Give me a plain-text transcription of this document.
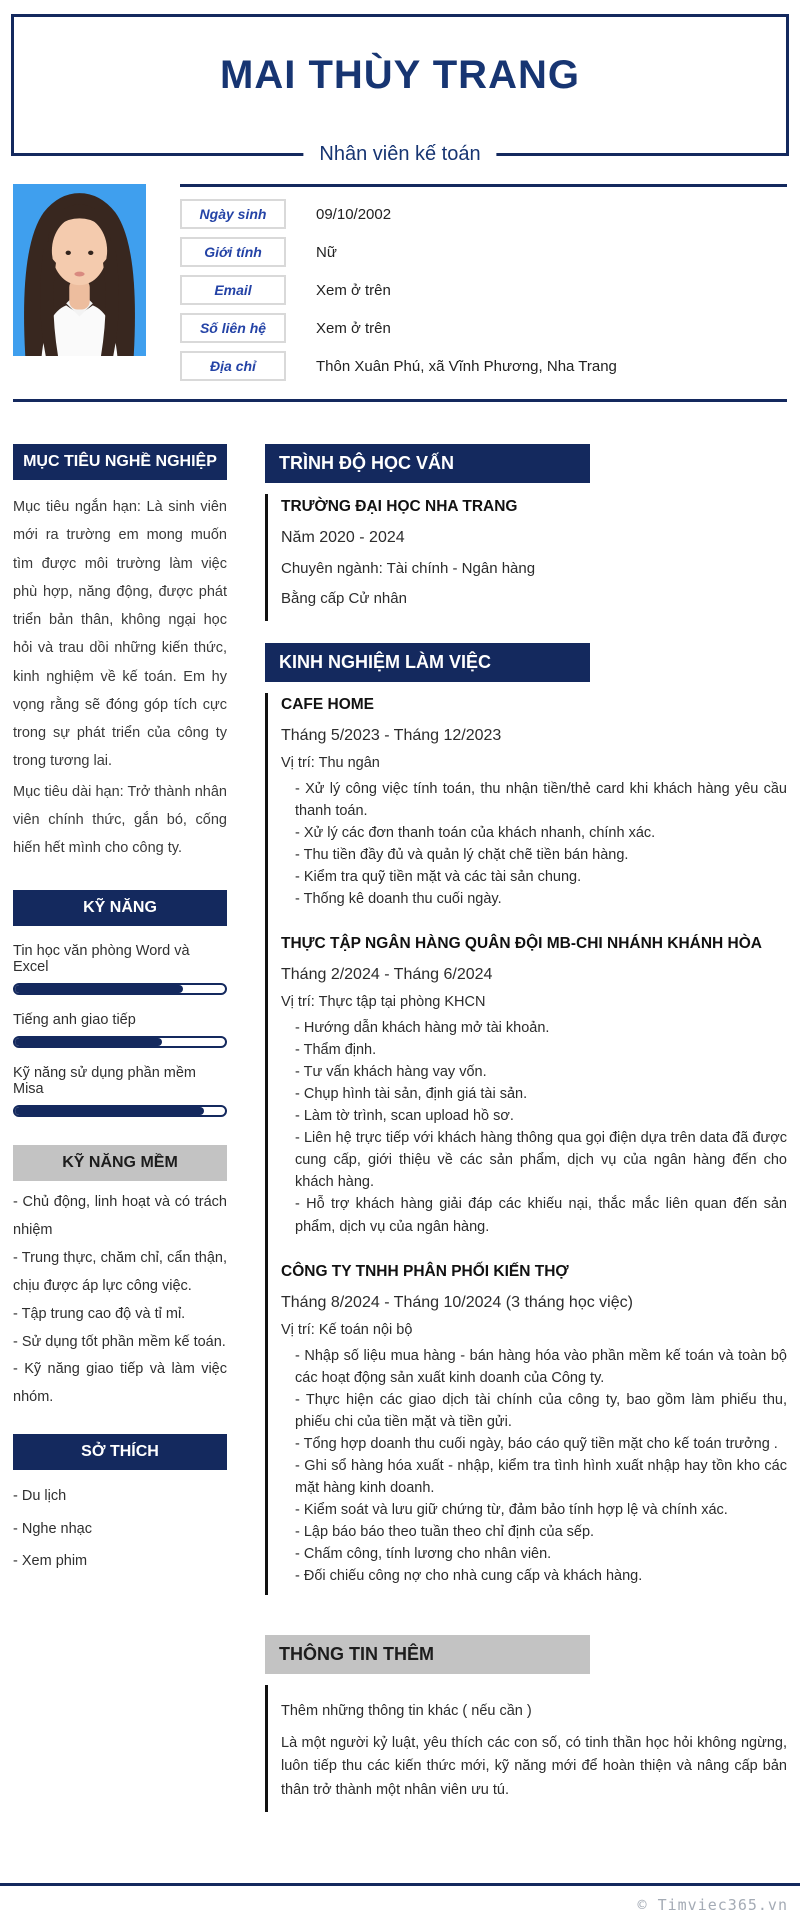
MAI THÙY TRANG
Nhân viên kế toán
Ngày sinh	09/10/2002
Giới tính	Nữ
Email	Xem ở trên
Số liên hệ	Xem ở trên
Địa chỉ	Thôn Xuân Phú, xã Vĩnh Phương, Nha Trang
MỤC TIÊU NGHỀ NGHIỆP
Mục tiêu ngắn hạn: Là sinh viên mới ra trường em mong muốn tìm được môi trường làm việc phù hợp, năng động, được phát triển bản thân, không ngại học hỏi và trau dồi những kiến thức, kinh nghiệm về kế toán. Em hy vọng rằng sẽ đóng góp tích cực trong sự phát triển của công ty trong tương lai.
Mục tiêu dài hạn: Trở thành nhân viên chính thức, gắn bó, cống hiến hết mình cho công ty.
KỸ NĂNG
Tin học văn phòng Word và Excel
Tiếng anh giao tiếp
Kỹ năng sử dụng phần mềm Misa
KỸ NĂNG MỀM
- Chủ động, linh hoạt và có trách nhiệm
- Trung thực, chăm chỉ, cẩn thận, chịu được áp lực công việc.
- Tập trung cao độ và tỉ mỉ.
- Sử dụng tốt phần mềm kế toán.
- Kỹ năng giao tiếp và làm việc nhóm.
SỞ THÍCH
- Du lịch
- Nghe nhạc
- Xem phim
TRÌNH ĐỘ HỌC VẤN
TRƯỜNG ĐẠI HỌC NHA TRANG
Năm 2020 - 2024
Chuyên ngành: Tài chính - Ngân hàng
Bằng cấp Cử nhân
KINH NGHIỆM LÀM VIỆC
CAFE HOME
Tháng 5/2023 - Tháng 12/2023
Vị trí: Thu ngân
- Xử lý công việc tính toán, thu nhận tiền/thẻ card khi khách hàng yêu cầu thanh toán.
- Xử lý các đơn thanh toán của khách nhanh, chính xác.
- Thu tiền đầy đủ và quản lý chặt chẽ tiền bán hàng.
- Kiểm tra quỹ tiền mặt và các tài sản chung.
- Thống kê doanh thu cuối ngày.
THỰC TẬP NGÂN HÀNG QUÂN ĐỘI MB-CHI NHÁNH KHÁNH HÒA
Tháng 2/2024 - Tháng 6/2024
Vị trí: Thực tập tại phòng KHCN
- Hướng dẫn khách hàng mở tài khoản.
- Thẩm định.
- Tư vấn khách hàng vay vốn.
- Chụp hình tài sản, định giá tài sản.
- Làm tờ trình, scan upload hồ sơ.
- Liên hệ trực tiếp với khách hàng thông qua gọi điện dựa trên data đã được cung cấp, giới thiệu về các sản phẩm, dịch vụ của ngân hàng đến cho khách hàng.
- Hỗ trợ khách hàng giải đáp các khiếu nại, thắc mắc liên quan đến sản phẩm, dịch vụ của ngân hàng.
CÔNG TY TNHH PHÂN PHỐI KIẾN THỢ
Tháng 8/2024 - Tháng 10/2024 (3 tháng học việc)
Vị trí: Kế toán nội bộ
- Nhập số liệu mua hàng - bán hàng hóa vào phần mềm kế toán và toàn bộ các hoạt động sản xuất kinh doanh của Công ty.
- Thực hiện các giao dịch tài chính của công ty, bao gồm làm phiếu thu, phiếu chi của tiền mặt và tiền gửi.
- Tổng hợp doanh thu cuối ngày, báo cáo quỹ tiền mặt cho kế toán trưởng .
- Ghi sổ hàng hóa xuất - nhập, kiểm tra tình hình xuất nhập hay tồn kho các mặt hàng kinh doanh.
- Kiểm soát và lưu giữ chứng từ, đảm bảo tính hợp lệ và chính xác.
- Lập báo báo theo tuần theo chỉ định của sếp.
- Chấm công, tính lương cho nhân viên.
- Đối chiếu công nợ cho nhà cung cấp và khách hàng.
THÔNG TIN THÊM
Thêm những thông tin khác ( nếu cần )
Là một người kỷ luật, yêu thích các con số, có tinh thần học hỏi không ngừng, luôn tiếp thu các kiến thức mới, kỹ năng mới để hoàn thiện và nâng cấp bản thân trở thành một nhân viên ưu tú.
© Timviec365.vn
